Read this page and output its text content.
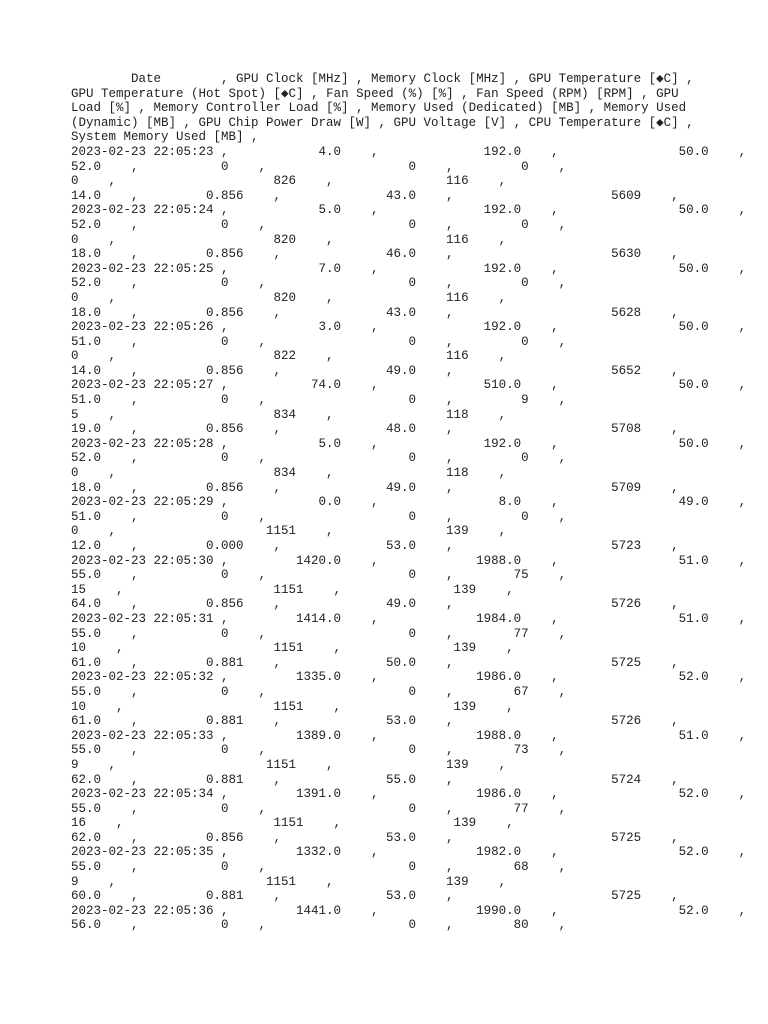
Date        , GPU Clock [MHz] , Memory Clock [MHz] , GPU Temperature [◆C] ,
GPU Temperature (Hot Spot) [◆C] , Fan Speed (%) [%] , Fan Speed (RPM) [RPM] , GPU
Load [%] , Memory Controller Load [%] , Memory Used (Dedicated) [MB] , Memory Used
(Dynamic) [MB] , GPU Chip Power Draw [W] , GPU Voltage [V] , CPU Temperature [◆C] ,
System Memory Used [MB] ,
2023-02-23 22:05:23 ,            4.0    ,              192.0    ,                50.0    ,
52.0    ,           0    ,                   0    ,         0    ,
0    ,                     826    ,               116    ,
14.0    ,         0.856    ,              43.0    ,                     5609    ,
2023-02-23 22:05:24 ,            5.0    ,              192.0    ,                50.0    ,
52.0    ,           0    ,                   0    ,         0    ,
0    ,                     820    ,               116    ,
18.0    ,         0.856    ,              46.0    ,                     5630    ,
2023-02-23 22:05:25 ,            7.0    ,              192.0    ,                50.0    ,
52.0    ,           0    ,                   0    ,         0    ,
0    ,                     820    ,               116    ,
18.0    ,         0.856    ,              43.0    ,                     5628    ,
2023-02-23 22:05:26 ,            3.0    ,              192.0    ,                50.0    ,
51.0    ,           0    ,                   0    ,         0    ,
0    ,                     822    ,               116    ,
14.0    ,         0.856    ,              49.0    ,                     5652    ,
2023-02-23 22:05:27 ,           74.0    ,              510.0    ,                50.0    ,
51.0    ,           0    ,                   0    ,         9    ,
5    ,                     834    ,               118    ,
19.0    ,         0.856    ,              48.0    ,                     5708    ,
2023-02-23 22:05:28 ,            5.0    ,              192.0    ,                50.0    ,
52.0    ,           0    ,                   0    ,         0    ,
0    ,                     834    ,               118    ,
18.0    ,         0.856    ,              49.0    ,                     5709    ,
2023-02-23 22:05:29 ,            0.0    ,                8.0    ,                49.0    ,
51.0    ,           0    ,                   0    ,         0    ,
0    ,                    1151    ,               139    ,
12.0    ,         0.000    ,              53.0    ,                     5723    ,
2023-02-23 22:05:30 ,         1420.0    ,             1988.0    ,                51.0    ,
55.0    ,           0    ,                   0    ,        75    ,
15    ,                    1151    ,               139    ,
64.0    ,         0.856    ,              49.0    ,                     5726    ,
2023-02-23 22:05:31 ,         1414.0    ,             1984.0    ,                51.0    ,
55.0    ,           0    ,                   0    ,        77    ,
10    ,                    1151    ,               139    ,
61.0    ,         0.881    ,              50.0    ,                     5725    ,
2023-02-23 22:05:32 ,         1335.0    ,             1986.0    ,                52.0    ,
55.0    ,           0    ,                   0    ,        67    ,
10    ,                    1151    ,               139    ,
61.0    ,         0.881    ,              53.0    ,                     5726    ,
2023-02-23 22:05:33 ,         1389.0    ,             1988.0    ,                51.0    ,
55.0    ,           0    ,                   0    ,        73    ,
9    ,                    1151    ,               139    ,
62.0    ,         0.881    ,              55.0    ,                     5724    ,
2023-02-23 22:05:34 ,         1391.0    ,             1986.0    ,                52.0    ,
55.0    ,           0    ,                   0    ,        77    ,
16    ,                    1151    ,               139    ,
62.0    ,         0.856    ,              53.0    ,                     5725    ,
2023-02-23 22:05:35 ,         1332.0    ,             1982.0    ,                52.0    ,
55.0    ,           0    ,                   0    ,        68    ,
9    ,                    1151    ,               139    ,
60.0    ,         0.881    ,              53.0    ,                     5725    ,
2023-02-23 22:05:36 ,         1441.0    ,             1990.0    ,                52.0    ,
56.0    ,           0    ,                   0    ,        80    ,
